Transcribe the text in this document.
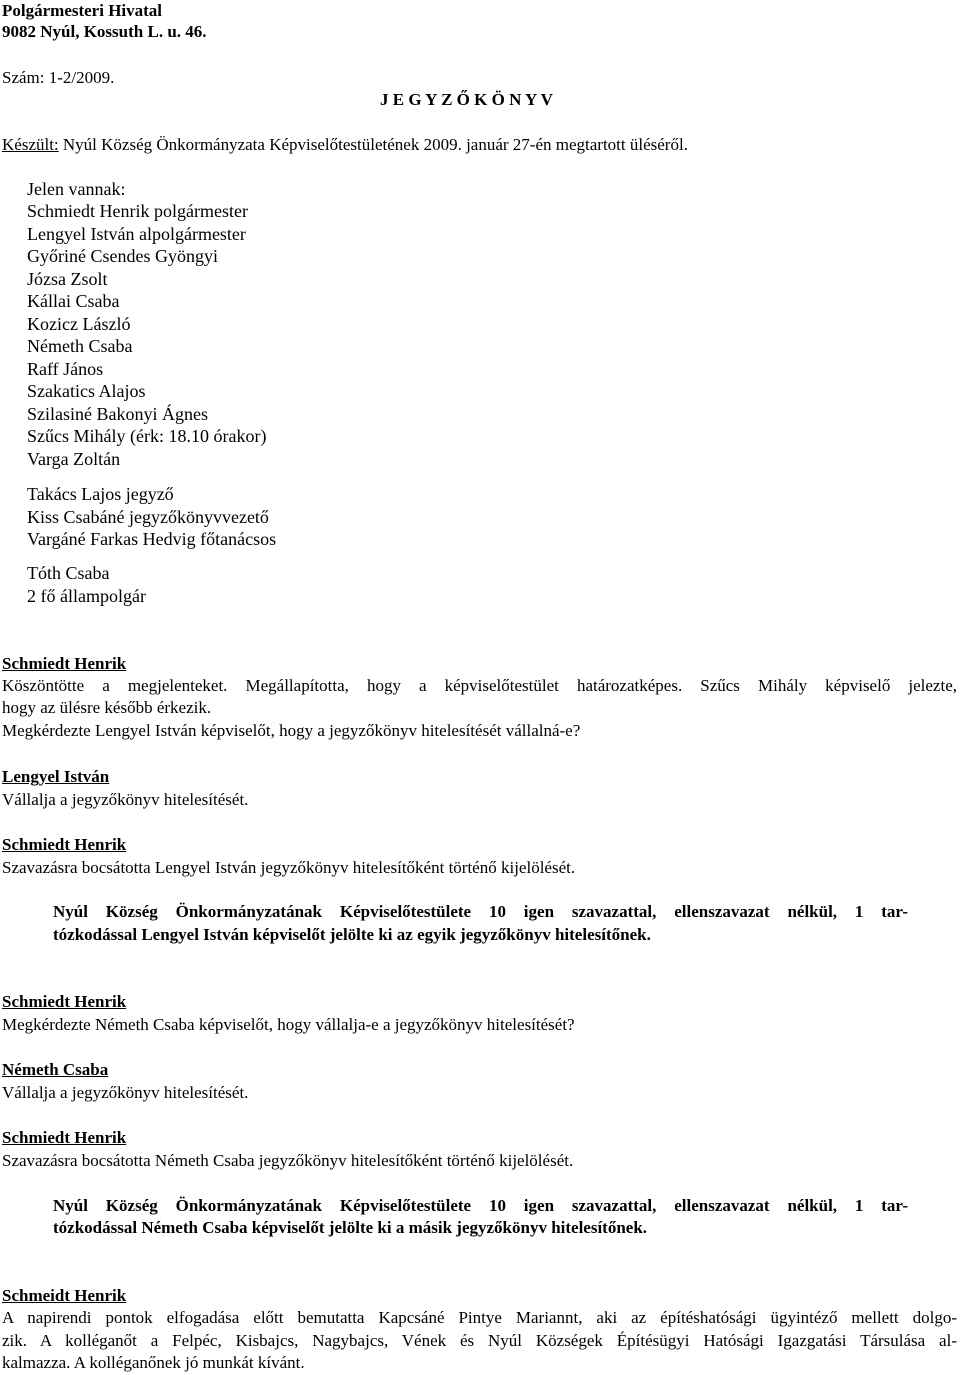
Polgármesteri Hivatal
9082 Nyúl, Kossuth L. u. 46.
Szám: 1-2/2009.
J E G Y Z Ő K Ö N Y V
Készült: Nyúl Község Önkormányzata Képviselőtestületének 2009. január 27-én megtartott üléséről.
Jelen vannak:
Schmiedt Henrik polgármester
Lengyel István alpolgármester
Győriné Csendes Gyöngyi
Józsa Zsolt
Kállai Csaba
Kozicz László
Németh Csaba
Raff János
Szakatics Alajos
Szilasiné Bakonyi Ágnes
Szűcs Mihály (érk: 18.10 órakor)
Varga Zoltán
Takács Lajos jegyző
Kiss Csabáné jegyzőkönyvvezető
Vargáné Farkas Hedvig főtanácsos
Tóth Csaba
2 fő állampolgár
Schmiedt Henrik
Köszöntötte a megjelenteket. Megállapította, hogy a képviselőtestület határozatképes. Szűcs Mihály képviselő jelezte,
hogy az ülésre később érkezik.
Megkérdezte Lengyel István képviselőt, hogy a jegyzőkönyv hitelesítését vállalná-e?
Lengyel István
Vállalja a jegyzőkönyv hitelesítését.
Schmiedt Henrik
Szavazásra bocsátotta Lengyel István jegyzőkönyv hitelesítőként történő kijelölését.
Nyúl Község Önkormányzatának Képviselőtestülete 10 igen szavazattal, ellenszavazat nélkül, 1 tar-
tózkodással Lengyel István képviselőt jelölte ki az egyik jegyzőkönyv hitelesítőnek.
Schmiedt Henrik
Megkérdezte Németh Csaba képviselőt, hogy vállalja-e a jegyzőkönyv hitelesítését?
Németh Csaba
Vállalja a jegyzőkönyv hitelesítését.
Schmiedt Henrik
Szavazásra bocsátotta Németh Csaba jegyzőkönyv hitelesítőként történő kijelölését.
Nyúl Község Önkormányzatának Képviselőtestülete 10 igen szavazattal, ellenszavazat nélkül, 1 tar-
tózkodással Németh Csaba képviselőt jelölte ki a másik jegyzőkönyv hitelesítőnek.
Schmeidt Henrik
A napirendi pontok elfogadása előtt bemutatta Kapcsáné Pintye Mariannt, aki az építéshatósági ügyintéző mellett dolgo-
zik. A kolléganőt a Felpéc, Kisbajcs, Nagybajcs, Vének és Nyúl Községek Építésügyi Hatósági Igazgatási Társulása al-
kalmazza. A kolléganőnek jó munkát kívánt.
